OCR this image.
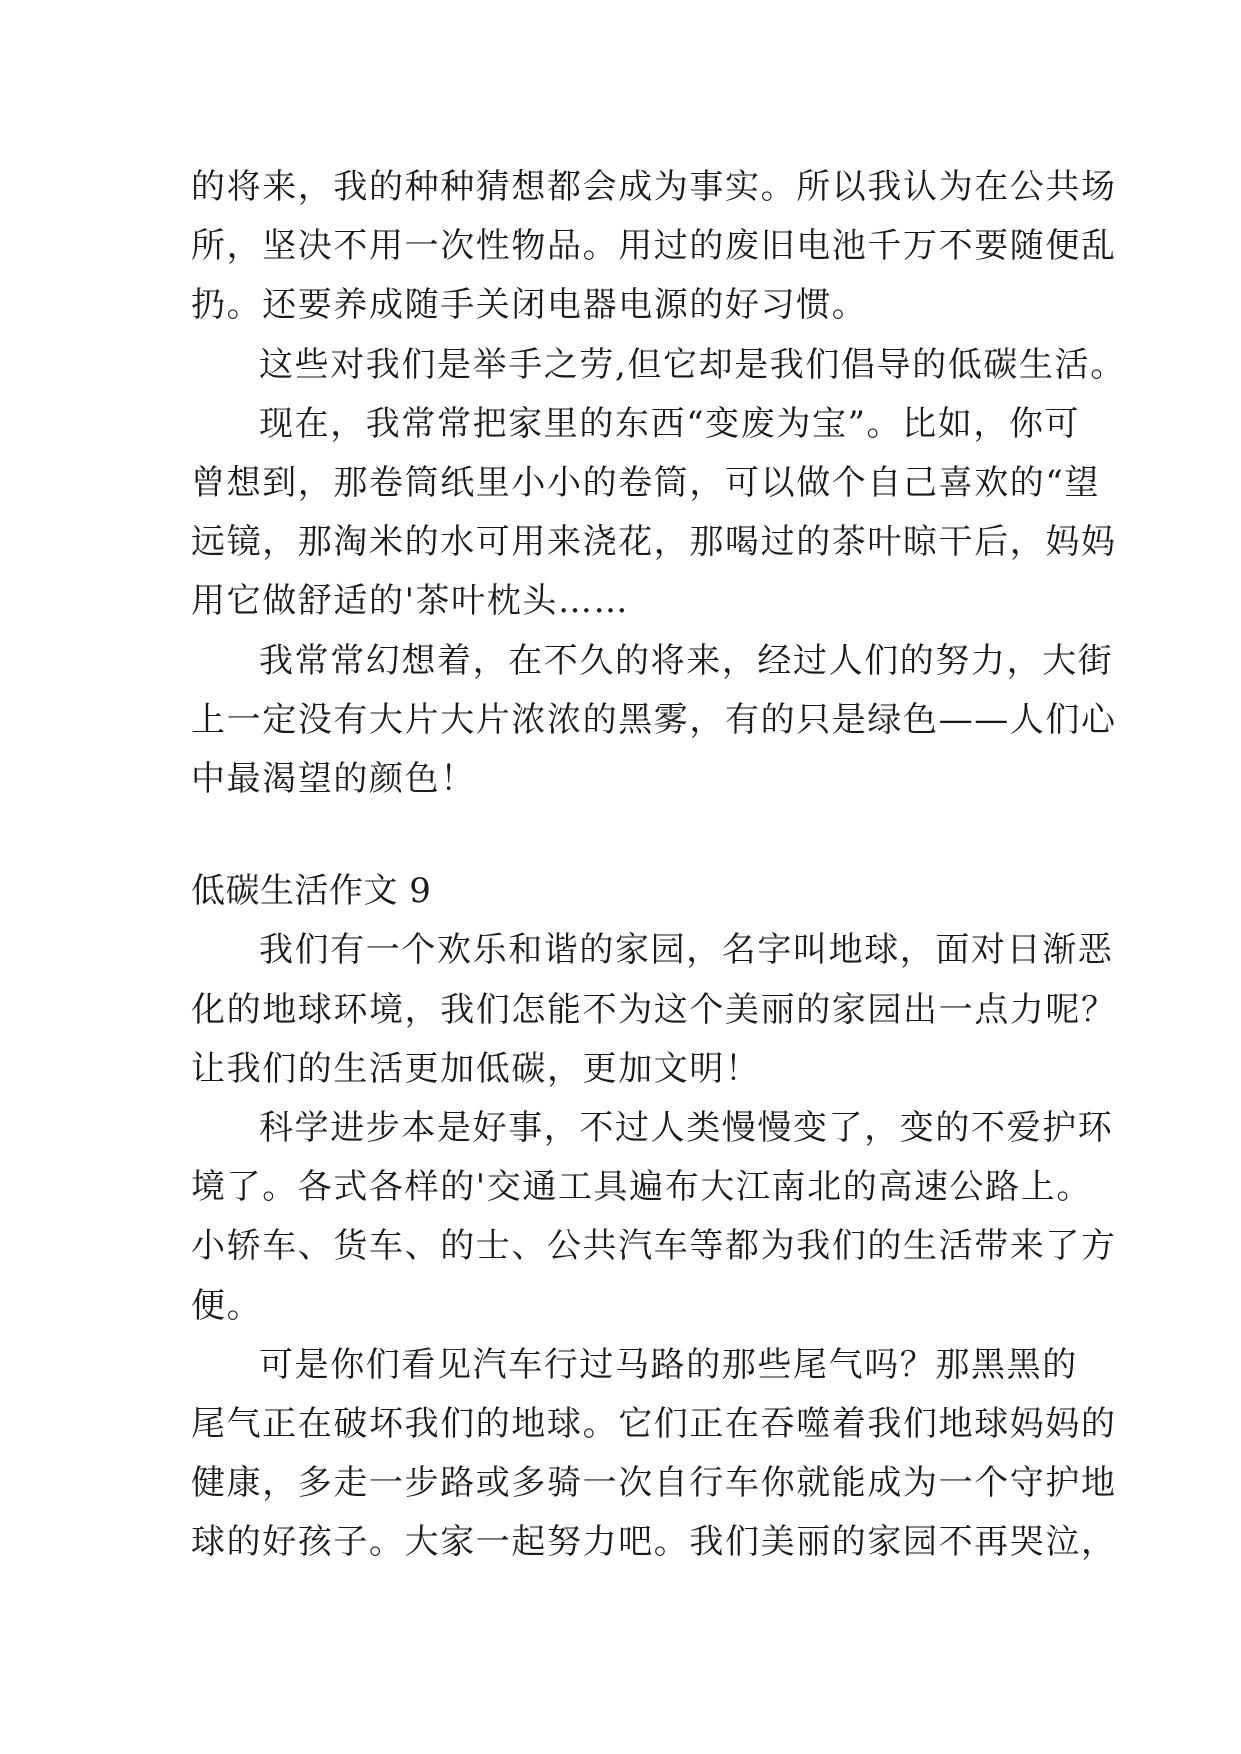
的将来，我的种种猜想都会成为事实。所以我认为在公共场
所，坚决不用一次性物品。用过的废旧电池千万不要随便乱
扔。还要养成随手关闭电器电源的好习惯。
这些对我们是举手之劳,但它却是我们倡导的低碳生活。
现在，我常常把家里的东西“变废为宝”。比如，你可
曾想到，那卷筒纸里小小的卷筒，可以做个自己喜欢的“望
远镜，那淘米的水可用来浇花，那喝过的茶叶晾干后，妈妈
用它做舒适的'茶叶枕头……
我常常幻想着，在不久的将来，经过人们的努力，大街
上一定没有大片大片浓浓的黑雾，有的只是绿色——人们心
中最渴望的颜色！
低碳生活作文 9
我们有一个欢乐和谐的家园，名字叫地球，面对日渐恶
化的地球环境，我们怎能不为这个美丽的家园出一点力呢？
让我们的生活更加低碳，更加文明！
科学进步本是好事，不过人类慢慢变了，变的不爱护环
境了。各式各样的'交通工具遍布大江南北的高速公路上。
小轿车、货车、的士、公共汽车等都为我们的生活带来了方
便。
可是你们看见汽车行过马路的那些尾气吗？那黑黑的
尾气正在破坏我们的地球。它们正在吞噬着我们地球妈妈的
健康，多走一步路或多骑一次自行车你就能成为一个守护地
球的好孩子。大家一起努力吧。我们美丽的家园不再哭泣，
